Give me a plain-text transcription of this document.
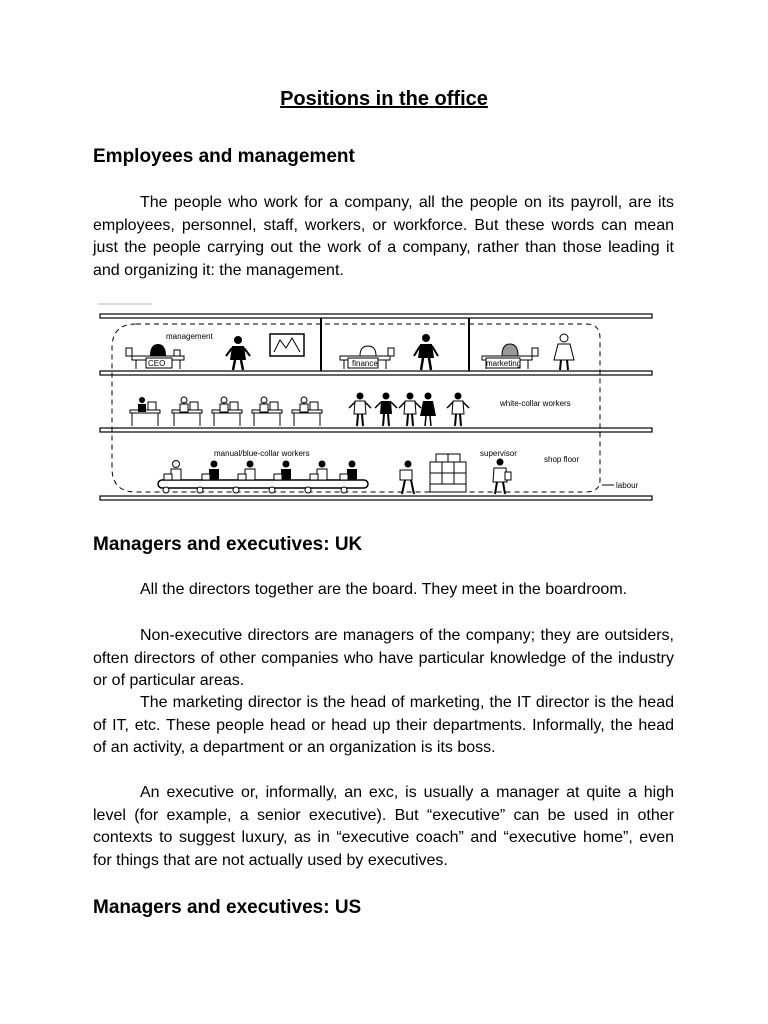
Positions in the office
Employees and management

The people who work for a company, all the people on its payroll, are its employees, personnel, staff, workers, or workforce. But these words can mean just the people carrying out the work of a company, rather than those leading it and organizing it: the management.

management
CEO	finance	marketing
white-collar workers
manual/blue-collar workers	supervisor
shop floor
labour
Managers and executives: UK

All the directors together are the board. They meet in the boardroom.

Non-executive directors are managers of the company; they are outsiders, often directors of other companies who have particular knowledge of the industry or of particular areas.

The marketing director is the head of marketing, the IT director is the head of IT, etc. These people head or head up their departments. Informally, the head of an activity, a department or an organization is its boss.

An executive or, informally, an exc, is usually a manager at quite a high level (for example, a senior executive). But “executive” can be used in other contexts to suggest luxury, as in “executive coach” and “executive home”, even for things that are not actually used by executives.

Managers and executives: US
